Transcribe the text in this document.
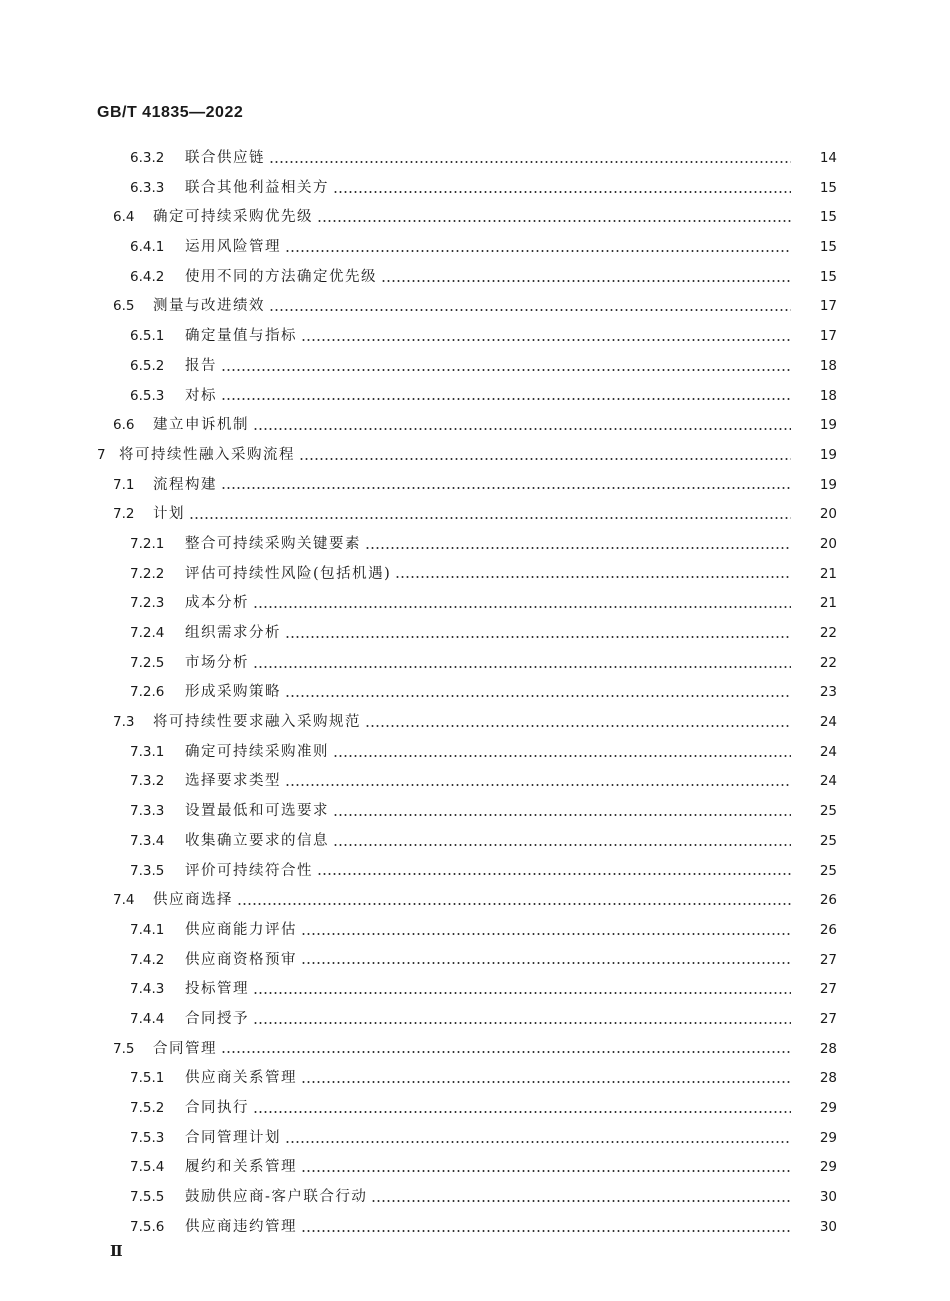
GB/T 41835—2022
6.3.2	联合供应链	14
6.3.3	联合其他利益相关方	15
6.4	确定可持续采购优先级	15
6.4.1	运用风险管理	15
6.4.2	使用不同的方法确定优先级	15
6.5	测量与改进绩效	17
6.5.1	确定量值与指标	17
6.5.2	报告	18
6.5.3	对标	18
6.6	建立申诉机制	19
7 将可持续性融入采购流程	19
7.1	流程构建	19
7.2	计划	20
7.2.1	整合可持续采购关键要素	20
7.2.2	评估可持续性风险(包括机遇)	21
7.2.3	成本分析	21
7.2.4	组织需求分析	22
7.2.5	市场分析	22
7.2.6	形成采购策略	23
7.3	将可持续性要求融入采购规范	24
7.3.1	确定可持续采购准则	24
7.3.2	选择要求类型	24
7.3.3	设置最低和可选要求	25
7.3.4	收集确立要求的信息	25
7.3.5	评价可持续符合性	25
7.4	供应商选择	26
7.4.1	供应商能力评估	26
7.4.2	供应商资格预审	27
7.4.3	投标管理	27
7.4.4	合同授予	27
7.5	合同管理	28
7.5.1	供应商关系管理	28
7.5.2	合同执行	29
7.5.3	合同管理计划	29
7.5.4	履约和关系管理	29
7.5.5	鼓励供应商-客户联合行动	30
7.5.6	供应商违约管理	30
Ⅱ
